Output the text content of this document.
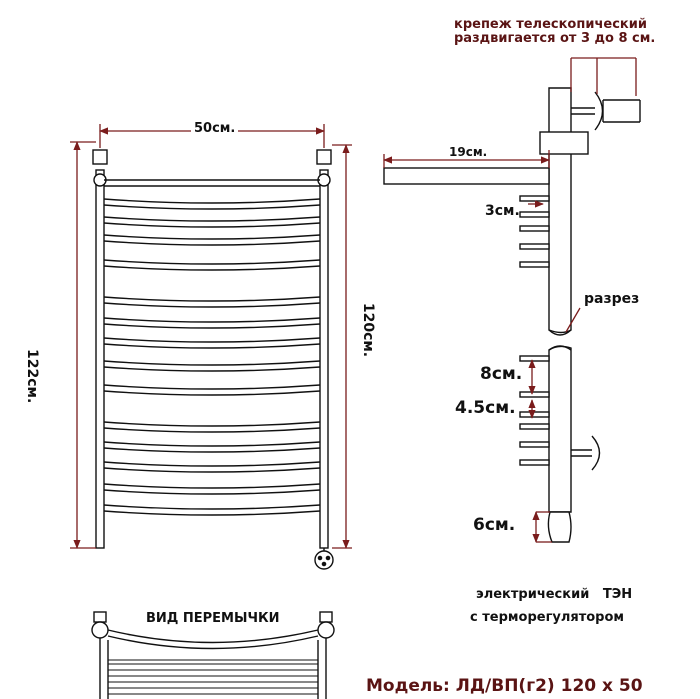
50см.
122см.
120см.
крепеж телескопический
раздвигается от 3 до 8 см.
19см.
3см.
разрез
8см.
4.5см.
6см.
электрический   ТЭН
с терморегулятором
ВИД ПЕРЕМЫЧКИ
Модель: ЛД/ВП(г2) 120 x 50
